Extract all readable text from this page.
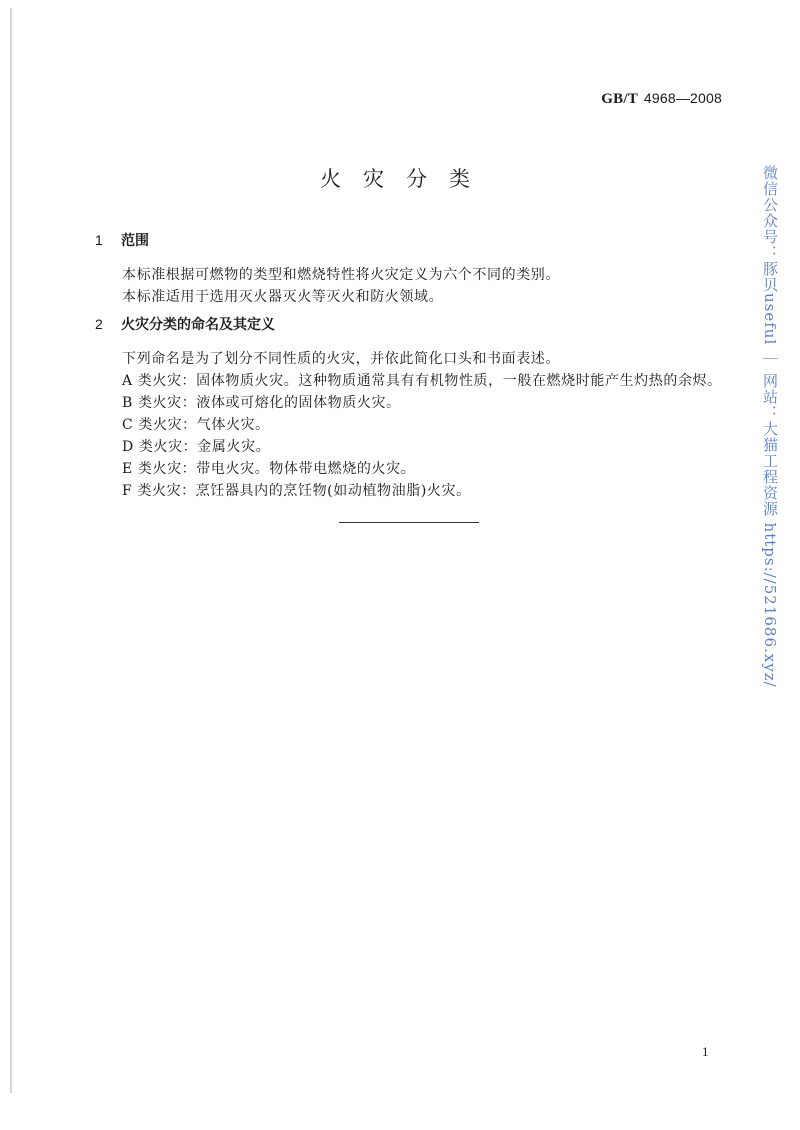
GB/T 4968—2008
火灾分类
1 范围
本标准根据可燃物的类型和燃烧特性将火灾定义为六个不同的类别。
本标准适用于选用灭火器灭火等灭火和防火领域。
2 火灾分类的命名及其定义
下列命名是为了划分不同性质的火灾，并依此简化口头和书面表述。
A 类火灾：固体物质火灾。这种物质通常具有有机物性质，一般在燃烧时能产生灼热的余烬。
B 类火灾：液体或可熔化的固体物质火灾。
C 类火灾：气体火灾。
D 类火灾：金属火灾。
E 类火灾：带电火灾。物体带电燃烧的火灾。
F 类火灾：烹饪器具内的烹饪物(如动植物油脂)火灾。
1
微信公众号：豚贝useful ｜ 网站：大猫工程资源 https://521686.xyz/
